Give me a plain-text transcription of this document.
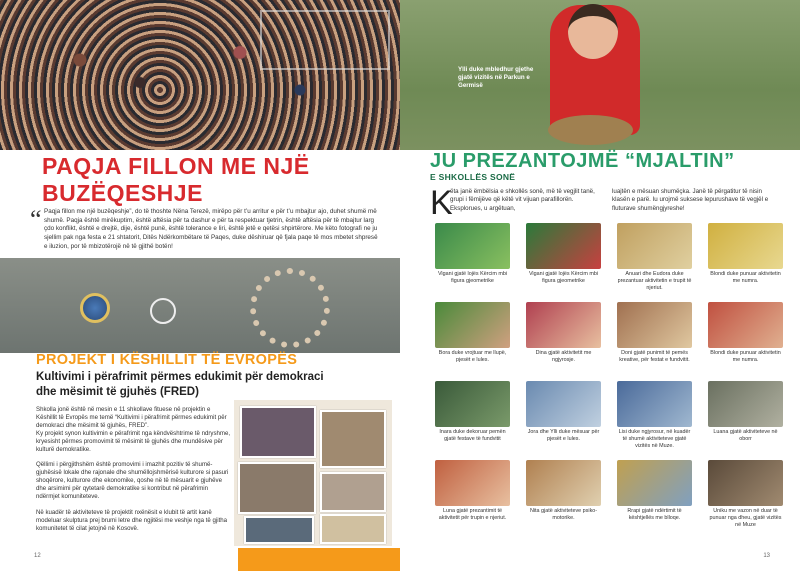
PAQJA FILLON ME NJË
BUZËQESHJE
“ Paqja fillon me një buzëqeshje”, do të thoshte Nëna Terezë, mirëpo për t’u arritur e për t’u mbajtur ajo, duhet shumë më shumë. Paqja është mirëkuptim, është aftësia për ta dashur e për ta respektuar tjetrin, është aftësia për të mbajtur larg çdo konflikt, është e drejtë, dije, është punë, është tolerance e liri, është jetë e qetësi shpirtërore. Me këto fotografi ne ju sjellim pak nga festa e 21 shtatorit, Ditës Ndërkombëtare të Paqes, duke dëshiruar që fjala paqe të mos mbetet shpresë e iluzion, por të mbizotërojë në të gjithë botën!
PROJEKT I KËSHILLIT TË EVROPËS
Kultivimi i përafrimit përmes edukimit për demokraci dhe mësimit të gjuhës (FRED)

Shkolla jonë është në mesin e 11 shkollave fituese në projektin e Këshillit të Evropës me temë “Kultivimi i përafrimit përmes edukimit për demokraci dhe mësimit të gjuhës, FRED”.

Ky projekt synon kultivimin e përafrimit nga këndvështrime të ndryshme, kryesisht përmes promovimit të mësimit të gjuhës dhe mundësive për kulturë demokratike.

Qëllimi i përgjithshëm është promovimi i imazhit pozitiv të shumë-gjuhësisë lokale dhe rajonale dhe shumëllojshmërisë kulturore si pasuri shoqërore, kulturore dhe ekonomike, qoshe në të mësuarit e gjuhëve dhe arsimimi për qytetarë demokratike si kontribut në përafrimin ndërmjet komuniteteve.

Në kuadër të aktiviteteve të projektit nxënësit e klubit të artit kanë modeluar skulptura prej brumi letre dhe ngjitësi me veshje nga të gjitha komunitetet të cilat jetojnë në Kosovë.

12
Ylli duke mbledhur gjethe gjatë vizitës në Parkun e Germisë
JU PREZANTOJMË “MJALTIN”
E SHKOLLËS SONË
K
ëta janë ëmbëlsia e shkollës sonë, më të vegjlit tanë, grupi i fëmijëve që këtë vit vijuan parafillorën. Eksplorues, u argëtuan,
luajtën e mësuan shumëçka. Janë të përgatitur të nisin klasën e parë. Iu urojmë suksese lepurushave të vegjël e fluturave shumëngjyreshe!
Vigani gjatë lojës Kërcim mbi figura gjeometrike
Vigani gjatë lojës Kërcim mbi figura gjeometrike
Anuari dhe Eudora duke prezantuar aktivitetin e trupit të njeriut.
Blondi duke punuar aktivitetin me numra.
Bora duke vrojtuar me llupë, pjesët e lules.
Dina gjatë aktivitetit me ngjyrosje.
Doni gjatë punimit të pemës kreative, për festat e fundvitit.
Blondi duke punuar aktivitetin me numra.
Inara duke dekoruar pemën gjatë festave të fundvitit
Jora dhe Ylli duke mësuar për pjesët e lules.
Lisi duke ngjyrosur, në kuadër të shumë aktiviteteve gjatë vizitës në Muze.
Luana gjatë aktiviteteve në oborr
Luna gjatë prezantimit të aktivitetit për trupin e njeriut.
Nita gjatë aktiviteteve psiko-motorike.
Rrapi gjatë ndërtimit të kështjellës me blloqe.
Uniku me vazon në duar të punuar nga dheu, gjatë vizitës në Muze
13
